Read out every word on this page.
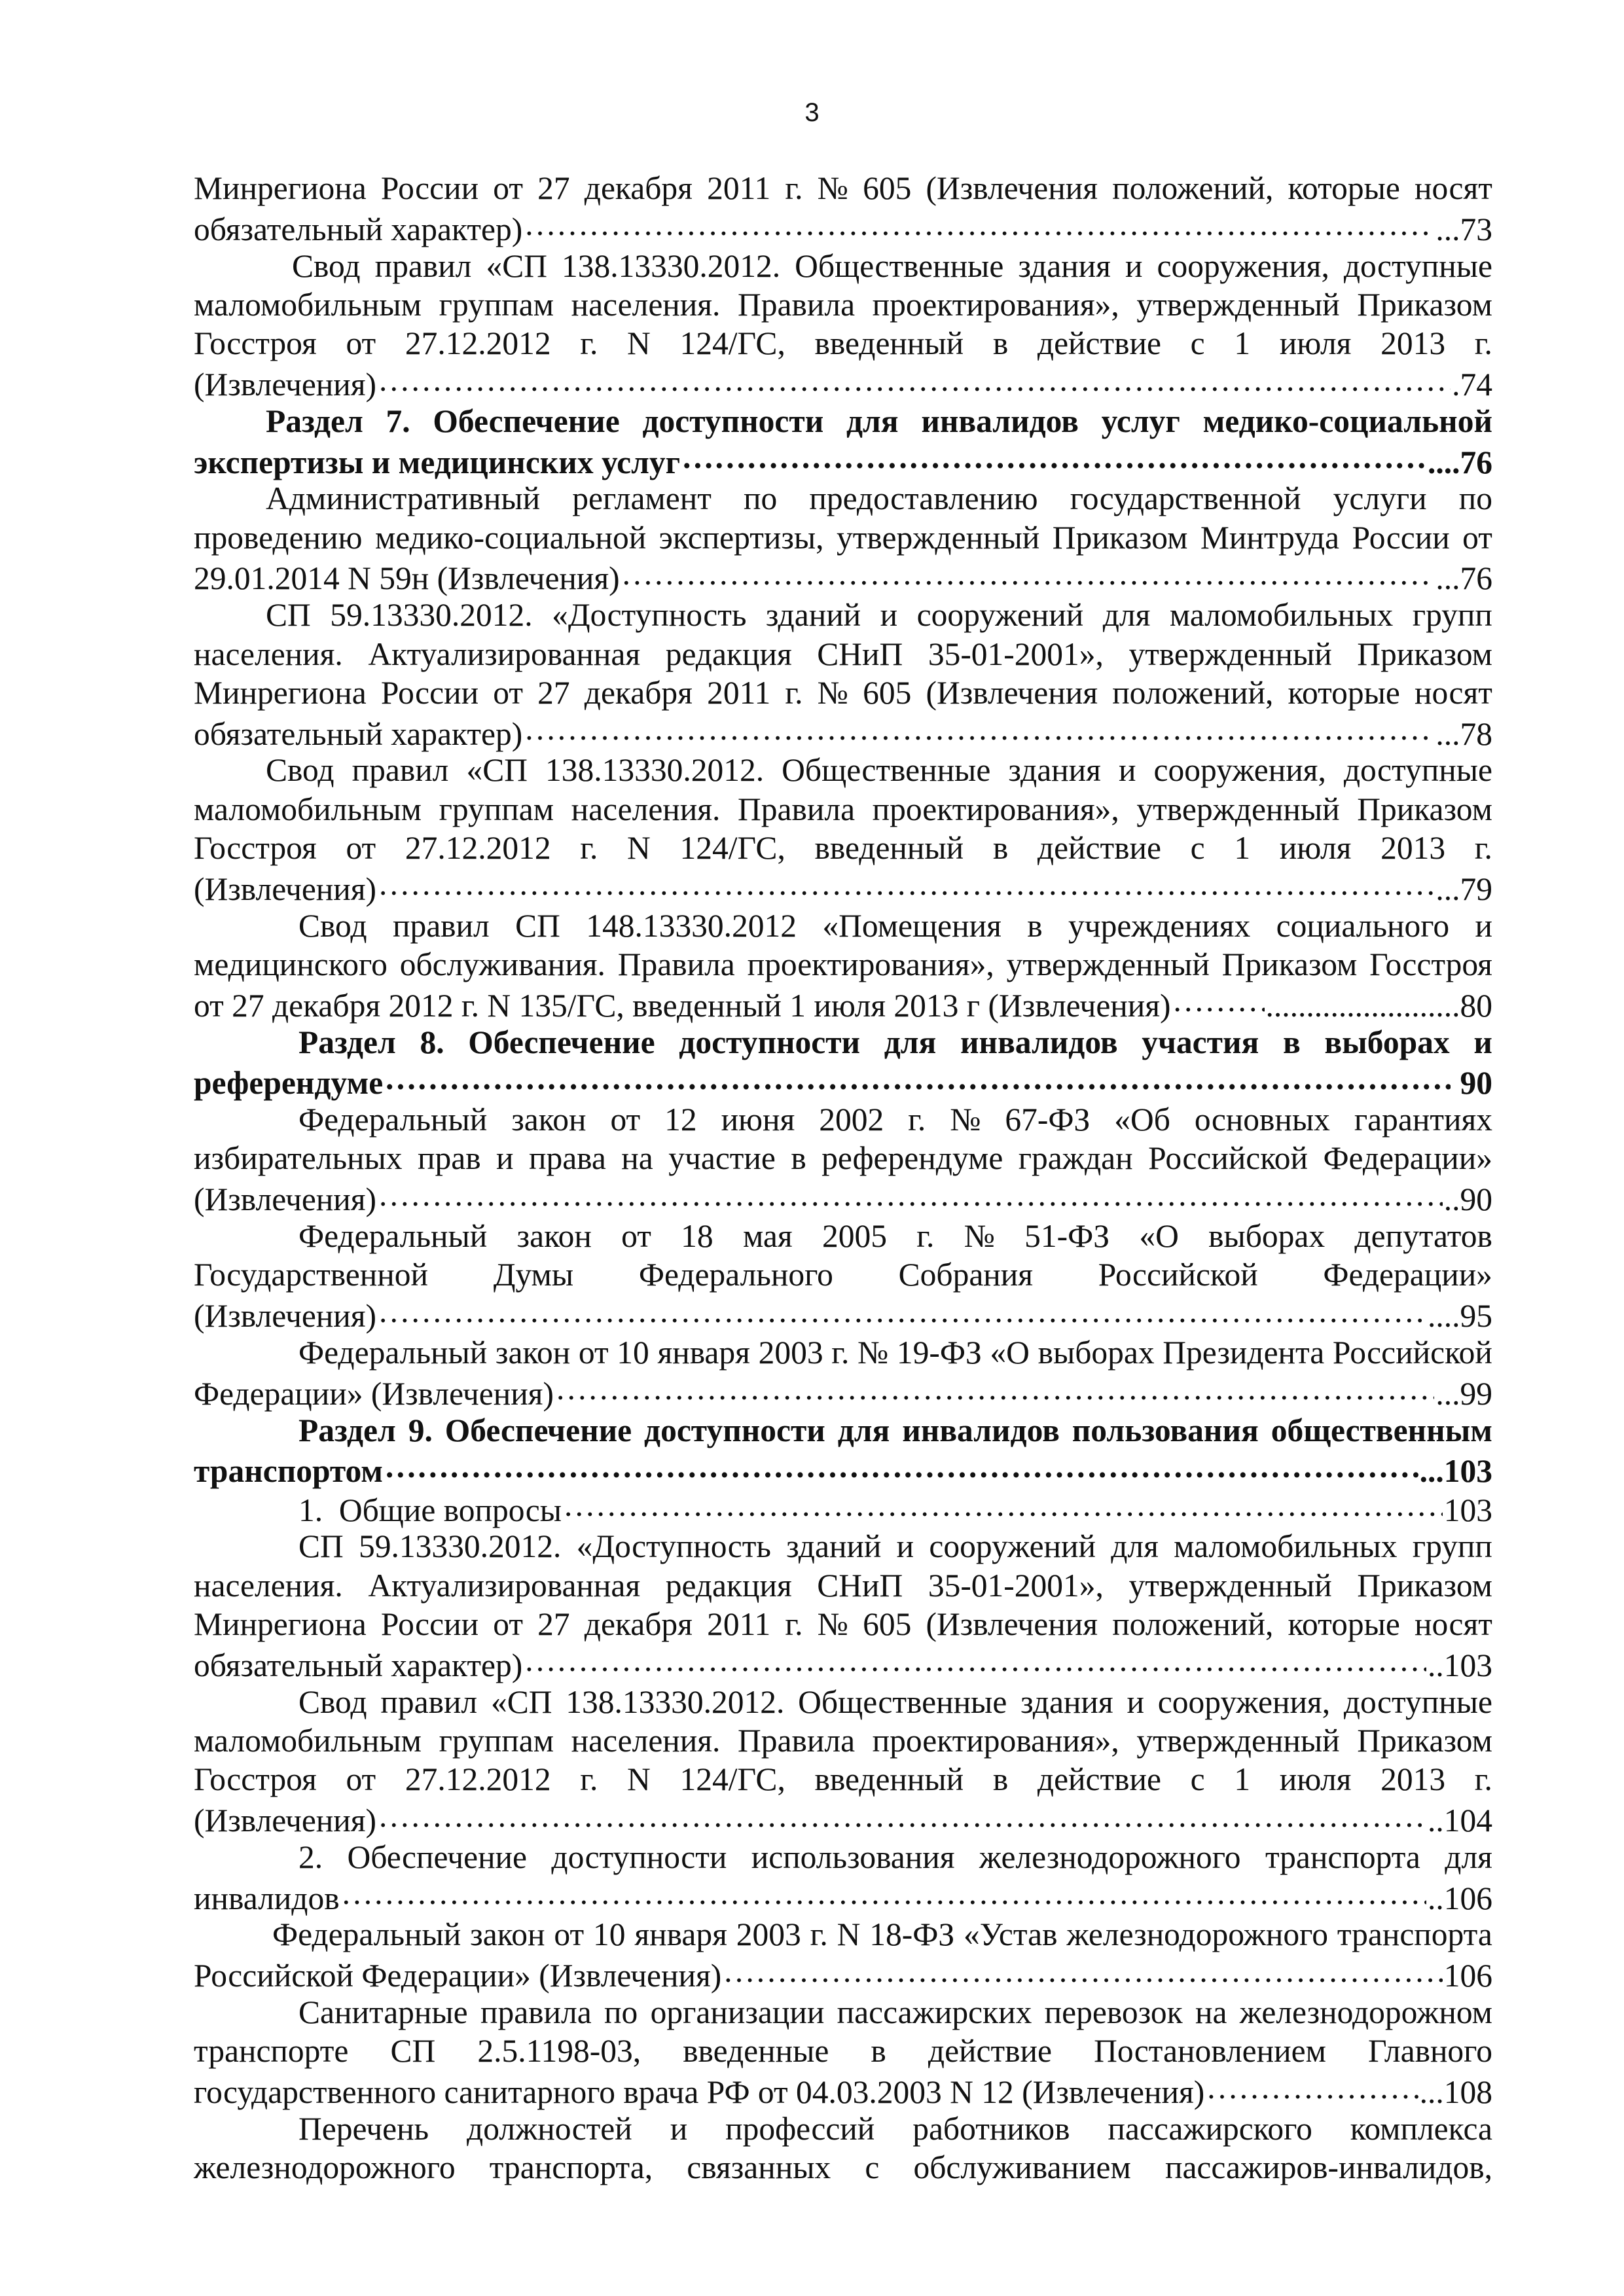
3
Минрегиона России от 27 декабря 2011 г. № 605 (Извлечения положений, которые носят
обязательный характер) …………………………………………………………………………………………………………………………………………………………………………………………………	...73
Свод правил «СП 138.13330.2012. Общественные здания и сооружения, доступные
маломобильным группам населения. Правила проектирования», утвержденный Приказом
Госстроя от 27.12.2012 г. N 124/ГС, введенный в действие с 1 июля 2013 г.
(Извлечения) …………………………………………………………………………………………………………………………………………………………………………………………………	.74
Раздел 7. Обеспечение доступности для инвалидов услуг медико-социальной
экспертизы и медицинских услуг …………………………………………………………………………………………………………………………………………………………………………………………………	....76
Административный регламент по предоставлению государственной услуги по
проведению медико-социальной экспертизы, утвержденный Приказом Минтруда России от
29.01.2014 N 59н (Извлечения) …………………………………………………………………………………………………………………………………………………………………………………………………	...76
СП 59.13330.2012. «Доступность зданий и сооружений для маломобильных групп
населения. Актуализированная редакция СНиП 35-01-2001», утвержденный Приказом
Минрегиона России от 27 декабря 2011 г. № 605 (Извлечения положений, которые носят
обязательный характер) …………………………………………………………………………………………………………………………………………………………………………………………………	...78
Свод правил «СП 138.13330.2012. Общественные здания и сооружения, доступные
маломобильным группам населения. Правила проектирования», утвержденный Приказом
Госстроя от 27.12.2012 г. N 124/ГС, введенный в действие с 1 июля 2013 г.
(Извлечения) …………………………………………………………………………………………………………………………………………………………………………………………………	...79
Свод правил СП 148.13330.2012 «Помещения в учреждениях социального и
медицинского обслуживания. Правила проектирования», утвержденный Приказом Госстроя
от 27 декабря 2012 г. N 135/ГС, введенный 1 июля 2013 г (Извлечения) …………………………………………………………………………………………………………………………………………………………………………………………………	........................80
Раздел 8. Обеспечение доступности для инвалидов участия в выборах и
референдуме …………………………………………………………………………………………………………………………………………………………………………………………………	90
Федеральный закон от 12 июня 2002 г. № 67-ФЗ «Об основных гарантиях
избирательных прав и права на участие в референдуме граждан Российской Федерации»
(Извлечения) …………………………………………………………………………………………………………………………………………………………………………………………………	..90
Федеральный закон от 18 мая 2005 г. № 51-ФЗ «О выборах депутатов
Государственной Думы Федерального Собрания Российской Федерации»
(Извлечения) …………………………………………………………………………………………………………………………………………………………………………………………………	....95
Федеральный закон от 10 января 2003 г. № 19-ФЗ «О выборах Президента Российской
Федерации» (Извлечения) …………………………………………………………………………………………………………………………………………………………………………………………………	...99
Раздел 9. Обеспечение доступности для инвалидов пользования общественным
транспортом …………………………………………………………………………………………………………………………………………………………………………………………………	...103
1.  Общие вопросы …………………………………………………………………………………………………………………………………………………………………………………………………	103
СП 59.13330.2012. «Доступность зданий и сооружений для маломобильных групп
населения. Актуализированная редакция СНиП 35-01-2001», утвержденный Приказом
Минрегиона России от 27 декабря 2011 г. № 605 (Извлечения положений, которые носят
обязательный характер) …………………………………………………………………………………………………………………………………………………………………………………………………	..103
Свод правил «СП 138.13330.2012. Общественные здания и сооружения, доступные
маломобильным группам населения. Правила проектирования», утвержденный Приказом
Госстроя от 27.12.2012 г. N 124/ГС, введенный в действие с 1 июля 2013 г.
(Извлечения) …………………………………………………………………………………………………………………………………………………………………………………………………	..104
2. Обеспечение доступности использования железнодорожного транспорта для
инвалидов …………………………………………………………………………………………………………………………………………………………………………………………………	..106
Федеральный закон от 10 января 2003 г. N 18-ФЗ «Устав железнодорожного транспорта
Российской Федерации» (Извлечения) …………………………………………………………………………………………………………………………………………………………………………………………………	106
Санитарные правила по организации пассажирских перевозок на железнодорожном
транспорте СП 2.5.1198-03, введенные в действие Постановлением Главного
государственного санитарного врача РФ от 04.03.2003 N 12 (Извлечения) …………………………………………………………………………………………………………………………………………………………………………………………………	...108
Перечень должностей и профессий работников пассажирского комплекса
железнодорожного транспорта, связанных с обслуживанием пассажиров-инвалидов,
